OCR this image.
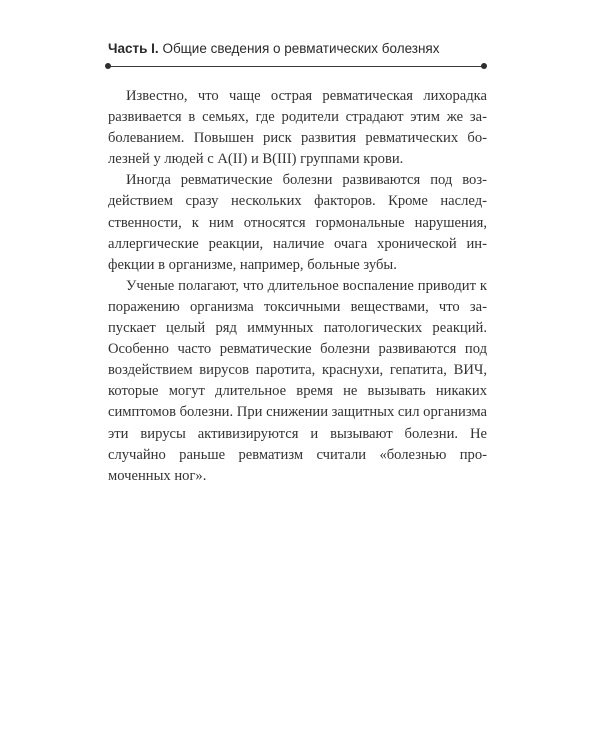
Часть I. Общие сведения о ревматических болезнях

Известно, что чаще острая ревматическая лихорадка развивается в семьях, где родители страдают этим же заболеванием. Повышен риск развития ревматических болезней у людей с A(II) и B(III) группами крови.

Иногда ревматические болезни развиваются под воздействием сразу нескольких факторов. Кроме наследственности, к ним относятся гормональные нарушения, аллергические реакции, наличие очага хронической инфекции в организме, например, больные зубы.

Ученые полагают, что длительное воспаление приводит к поражению организма токсичными веществами, что запускает целый ряд иммунных патологических реакций. Особенно часто ревматические болезни развиваются под воздействием вирусов паротита, краснухи, гепатита, ВИЧ, которые могут длительное время не вызывать никаких симптомов болезни. При снижении защитных сил организма эти вирусы активизируются и вызывают болезни. Не случайно раньше ревматизм считали «болезнью промоченных ног».
